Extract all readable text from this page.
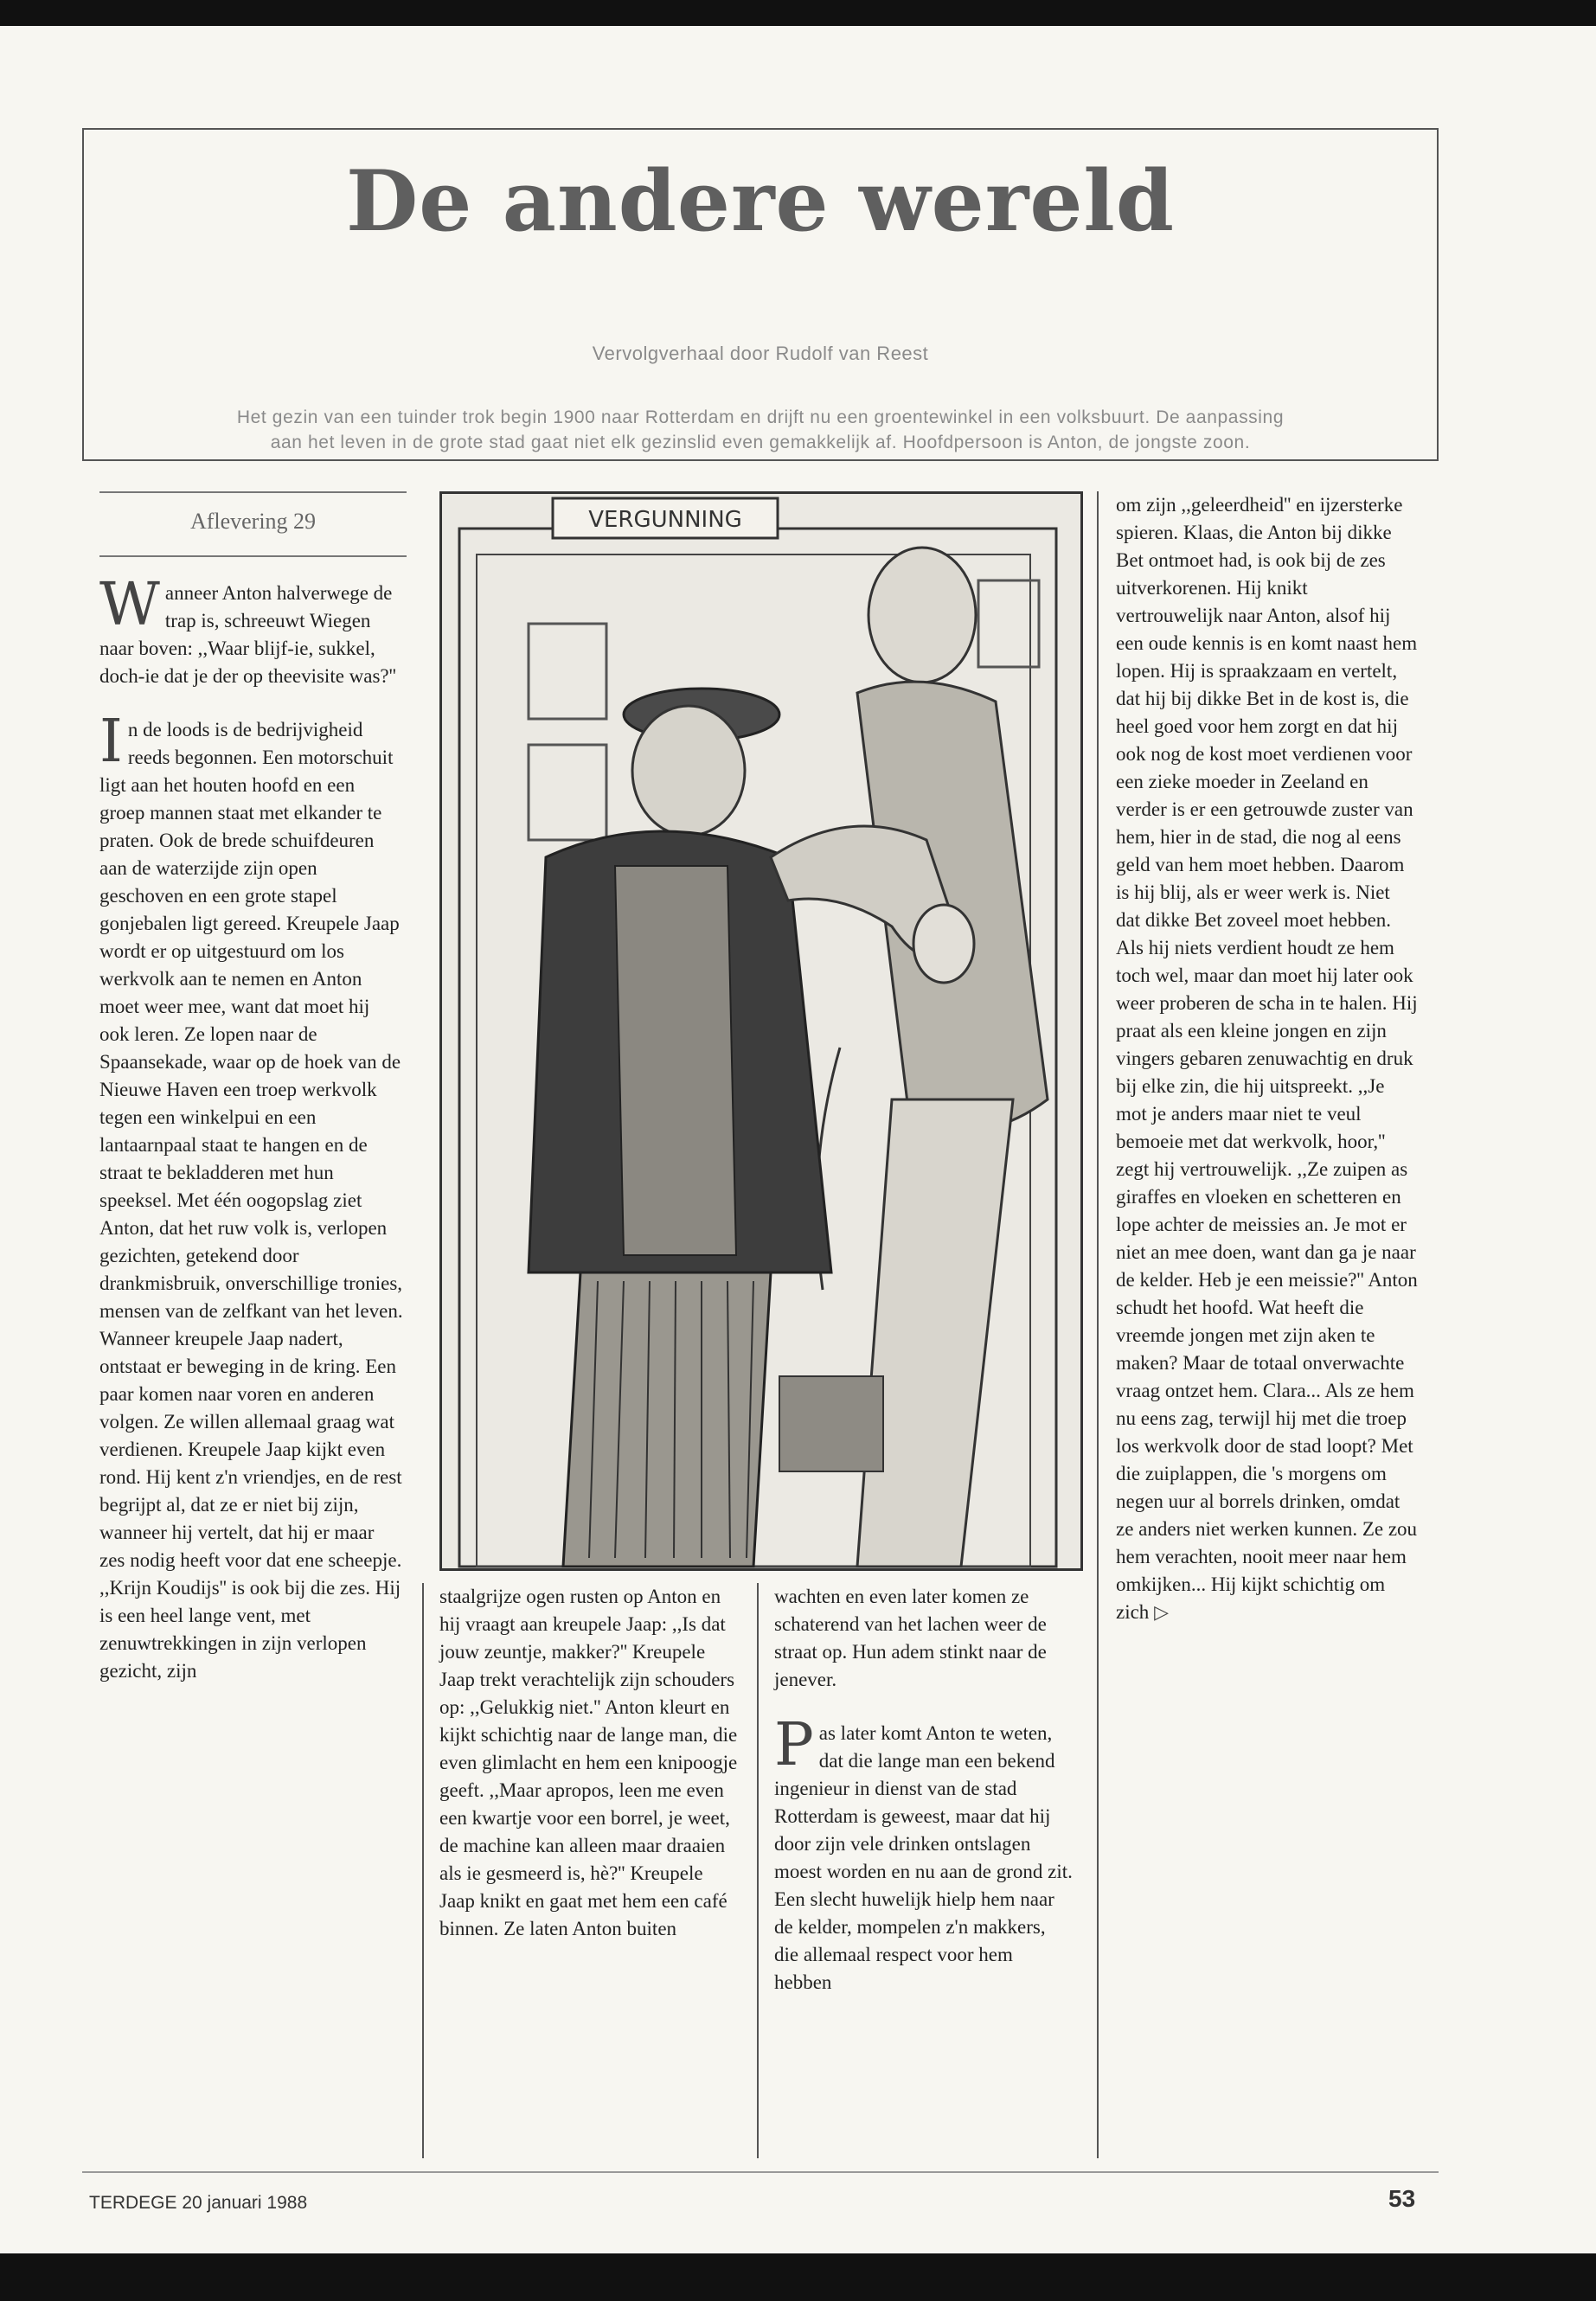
De andere wereld
Vervolgverhaal door Rudolf van Reest
Het gezin van een tuinder trok begin 1900 naar Rotterdam en drijft nu een groentewinkel in een volksbuurt. De aanpassing aan het leven in de grote stad gaat niet elk gezinslid even gemakkelijk af. Hoofdpersoon is Anton, de jongste zoon.
Aflevering 29

Wanneer Anton halverwege de trap is, schreeuwt Wiegen naar boven: ,,Waar blijf-ie, sukkel, doch-ie dat je der op theevisite was?''

In de loods is de bedrijvigheid reeds begonnen. Een motorschuit ligt aan het houten hoofd en een groep mannen staat met elkander te praten. Ook de brede schuifdeuren aan de waterzijde zijn open geschoven en een grote stapel gonjebalen ligt gereed. Kreupele Jaap wordt er op uitgestuurd om los werkvolk aan te nemen en Anton moet weer mee, want dat moet hij ook leren. Ze lopen naar de Spaansekade, waar op de hoek van de Nieuwe Haven een troep werkvolk tegen een winkelpui en een lantaarnpaal staat te hangen en de straat te bekladderen met hun speeksel. Met één oogopslag ziet Anton, dat het ruw volk is, verlopen gezichten, getekend door drankmisbruik, onverschillige tronies, mensen van de zelfkant van het leven. Wanneer kreupele Jaap nadert, ontstaat er beweging in de kring. Een paar komen naar voren en anderen volgen. Ze willen allemaal graag wat verdienen. Kreupele Jaap kijkt even rond. Hij kent z'n vriendjes, en de rest begrijpt al, dat ze er niet bij zijn, wanneer hij vertelt, dat hij er maar zes nodig heeft voor dat ene scheepje. ,,Krijn Koudijs'' is ook bij die zes. Hij is een heel lange vent, met zenuwtrekkingen in zijn verlopen gezicht, zijn

VERGUNNING

staalgrijze ogen rusten op Anton en hij vraagt aan kreupele Jaap: ,,Is dat jouw zeuntje, makker?'' Kreupele Jaap trekt verachtelijk zijn schouders op: ,,Gelukkig niet.'' Anton kleurt en kijkt schichtig naar de lange man, die even glimlacht en hem een knipoogje geeft. ,,Maar apropos, leen me even een kwartje voor een borrel, je weet, de machine kan alleen maar draaien als ie gesmeerd is, hè?'' Kreupele Jaap knikt en gaat met hem een café binnen. Ze laten Anton buiten

wachten en even later komen ze schaterend van het lachen weer de straat op. Hun adem stinkt naar de jenever.

Pas later komt Anton te weten, dat die lange man een bekend ingenieur in dienst van de stad Rotterdam is geweest, maar dat hij door zijn vele drinken ontslagen moest worden en nu aan de grond zit. Een slecht huwelijk hielp hem naar de kelder, mompelen z'n makkers, die allemaal respect voor hem hebben

om zijn ,,geleerdheid'' en ijzersterke spieren. Klaas, die Anton bij dikke Bet ontmoet had, is ook bij de zes uitverkorenen. Hij knikt vertrouwelijk naar Anton, alsof hij een oude kennis is en komt naast hem lopen. Hij is spraakzaam en vertelt, dat hij bij dikke Bet in de kost is, die heel goed voor hem zorgt en dat hij ook nog de kost moet verdienen voor een zieke moeder in Zeeland en verder is er een getrouwde zuster van hem, hier in de stad, die nog al eens geld van hem moet hebben. Daarom is hij blij, als er weer werk is. Niet dat dikke Bet zoveel moet hebben. Als hij niets verdient houdt ze hem toch wel, maar dan moet hij later ook weer proberen de scha in te halen. Hij praat als een kleine jongen en zijn vingers gebaren zenuwachtig en druk bij elke zin, die hij uitspreekt. ,,Je mot je anders maar niet te veul bemoeie met dat werkvolk, hoor,'' zegt hij vertrouwelijk. ,,Ze zuipen as giraffes en vloeken en schetteren en lope achter de meissies an. Je mot er niet an mee doen, want dan ga je naar de kelder. Heb je een meissie?'' Anton schudt het hoofd. Wat heeft die vreemde jongen met zijn aken te maken? Maar de totaal onverwachte vraag ontzet hem. Clara... Als ze hem nu eens zag, terwijl hij met die troep los werkvolk door de stad loopt? Met die zuiplappen, die 's morgens om negen uur al borrels drinken, omdat ze anders niet werken kunnen. Ze zou hem verachten, nooit meer naar hem omkijken... Hij kijkt schichtig om zich ▷

TERDEGE 20 januari 1988	53
